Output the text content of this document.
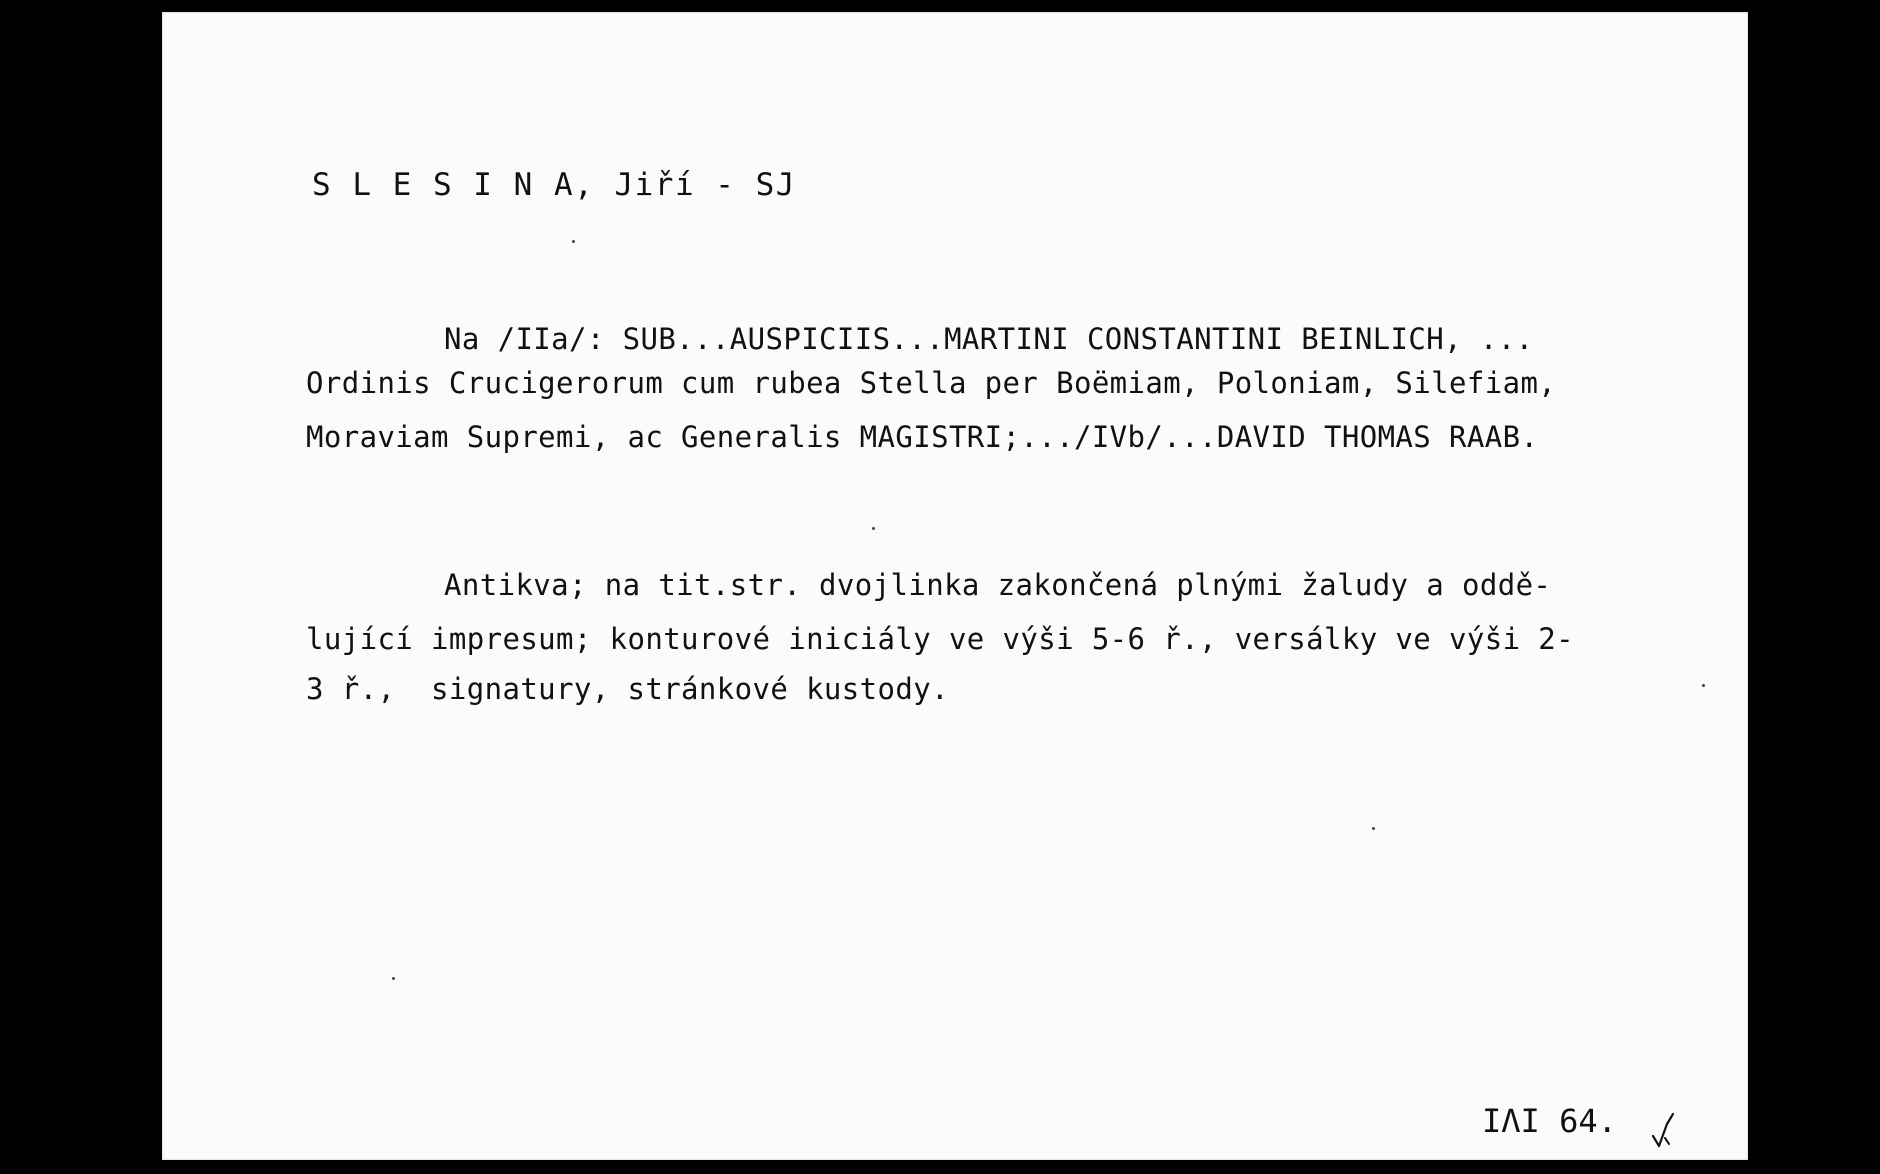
S L E S I N A, Jiří - SJ

Na /IIa/: SUB...AUSPICIIS...MARTINI CONSTANTINI BEINLICH, ...

Ordinis Crucigerorum cum rubea Stella per Boëmiam, Poloniam, Silefiam,

Moraviam Supremi, ac Generalis MAGISTRI;.../IVb/...DAVID THOMAS RAAB.

Antikva; na tit.str. dvojlinka zakončená plnými žaludy a oddě-

lující impresum; konturové iniciály ve výši 5-6 ř., versálky ve výši 2-

3 ř.,  signatury, stránkové kustody.

ΙΛΙ 64.
